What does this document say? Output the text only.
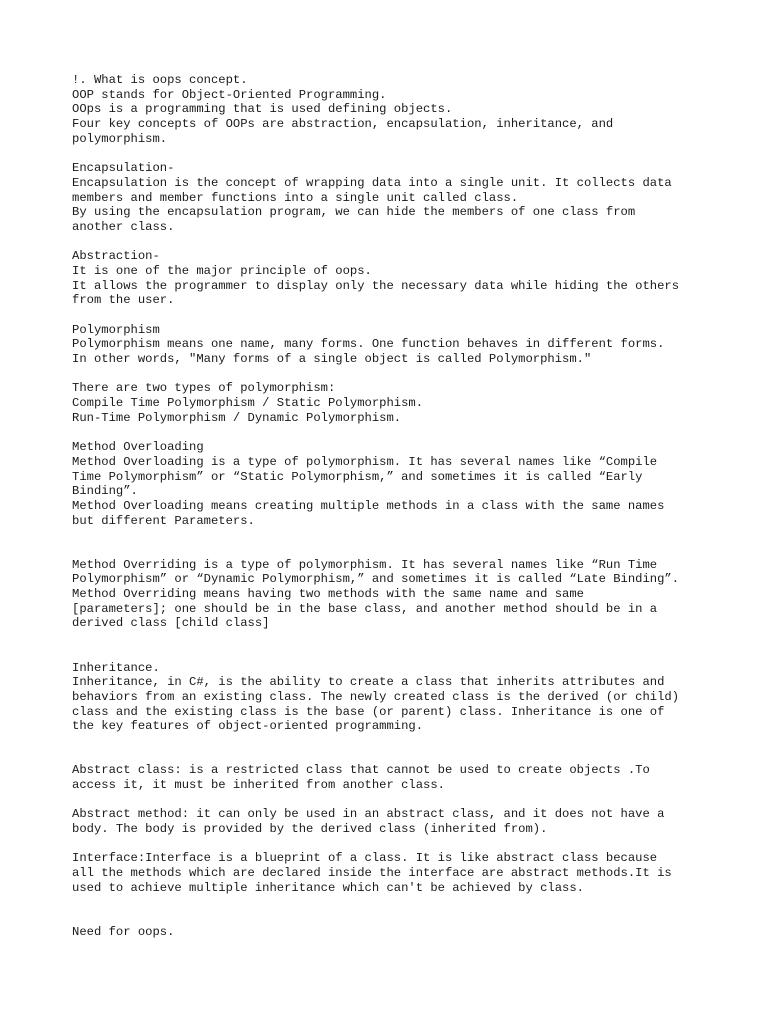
!. What is oops concept.
OOP stands for Object-Oriented Programming.
OOps is a programming that is used defining objects.
Four key concepts of OOPs are abstraction, encapsulation, inheritance, and
polymorphism.
Encapsulation-
Encapsulation is the concept of wrapping data into a single unit. It collects data
members and member functions into a single unit called class.
By using the encapsulation program, we can hide the members of one class from
another class.
Abstraction-
It is one of the major principle of oops.
It allows the programmer to display only the necessary data while hiding the others
from the user.
Polymorphism
Polymorphism means one name, many forms. One function behaves in different forms.
In other words, "Many forms of a single object is called Polymorphism."
There are two types of polymorphism:
Compile Time Polymorphism / Static Polymorphism.
Run-Time Polymorphism / Dynamic Polymorphism.
Method Overloading
Method Overloading is a type of polymorphism. It has several names like “Compile
Time Polymorphism” or “Static Polymorphism,” and sometimes it is called “Early
Binding”.
Method Overloading means creating multiple methods in a class with the same names
but different Parameters.
Method Overriding is a type of polymorphism. It has several names like “Run Time
Polymorphism” or “Dynamic Polymorphism,” and sometimes it is called “Late Binding”.
Method Overriding means having two methods with the same name and same
[parameters]; one should be in the base class, and another method should be in a
derived class [child class]
Inheritance.
Inheritance, in C#, is the ability to create a class that inherits attributes and
behaviors from an existing class. The newly created class is the derived (or child)
class and the existing class is the base (or parent) class. Inheritance is one of
the key features of object-oriented programming.
Abstract class: is a restricted class that cannot be used to create objects .To
access it, it must be inherited from another class.
Abstract method: it can only be used in an abstract class, and it does not have a
body. The body is provided by the derived class (inherited from).
Interface:Interface is a blueprint of a class. It is like abstract class because
all the methods which are declared inside the interface are abstract methods.It is
used to achieve multiple inheritance which can't be achieved by class.
Need for oops.
